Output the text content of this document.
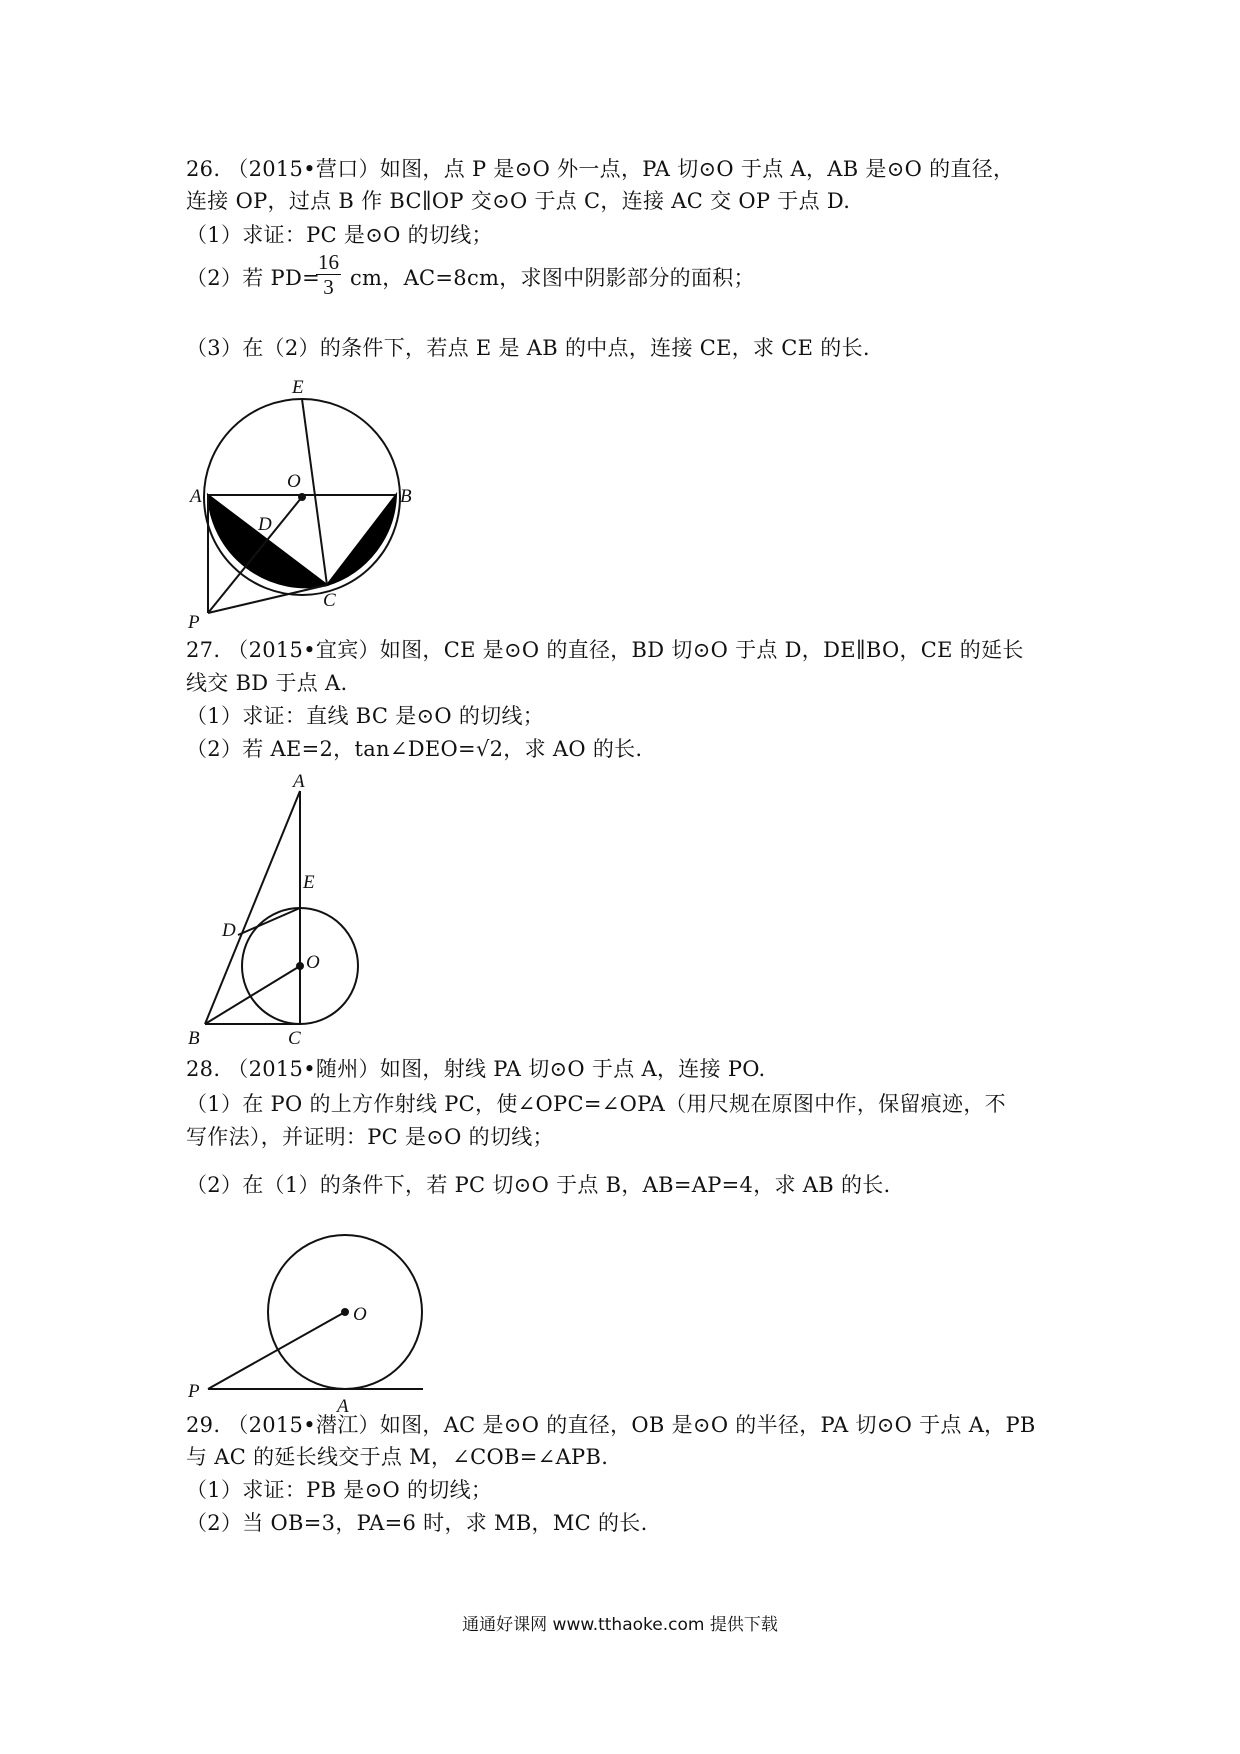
26. （2015•营口）如图，点 P 是⊙O 外一点，PA 切⊙O 于点 A，AB 是⊙O 的直径，
连接 OP，过点 B 作 BC∥OP 交⊙O 于点 C，连接 AC 交 OP 于点 D.
（1）求证：PC 是⊙O 的切线；
（2）若 PD=
$\frac{16}{3}$ cm，AC=8cm，求图中阴影部分的面积；
（3）在（2）的条件下，若点 E 是 AB 的中点，连接 CE，求 CE 的长.
27. （2015•宜宾）如图，CE 是⊙O 的直径，BD 切⊙O 于点 D，DE∥BO，CE 的延长
线交 BD 于点 A.
（1）求证：直线 BC 是⊙O 的切线；
（2）若 AE=2，tan∠DEO=√2，求 AO 的长.
28. （2015•随州）如图，射线 PA 切⊙O 于点 A，连接 PO.
（1）在 PO 的上方作射线 PC，使∠OPC=∠OPA（用尺规在原图中作，保留痕迹，不
写作法），并证明：PC 是⊙O 的切线；
（2）在（1）的条件下，若 PC 切⊙O 于点 B，AB=AP=4，求 AB 的长.
29. （2015•潜江）如图，AC 是⊙O 的直径，OB 是⊙O 的半径，PA 切⊙O 于点 A，PB
与 AC 的延长线交于点 M，∠COB=∠APB.
（1）求证：PB 是⊙O 的切线；
（2）当 OB=3，PA=6 时，求 MB，MC 的长.
E
O
A	B
D
C
P
A
E
D
O
B	C
O
P
A
通通好课网 www.tthaoke.com 提供下载
